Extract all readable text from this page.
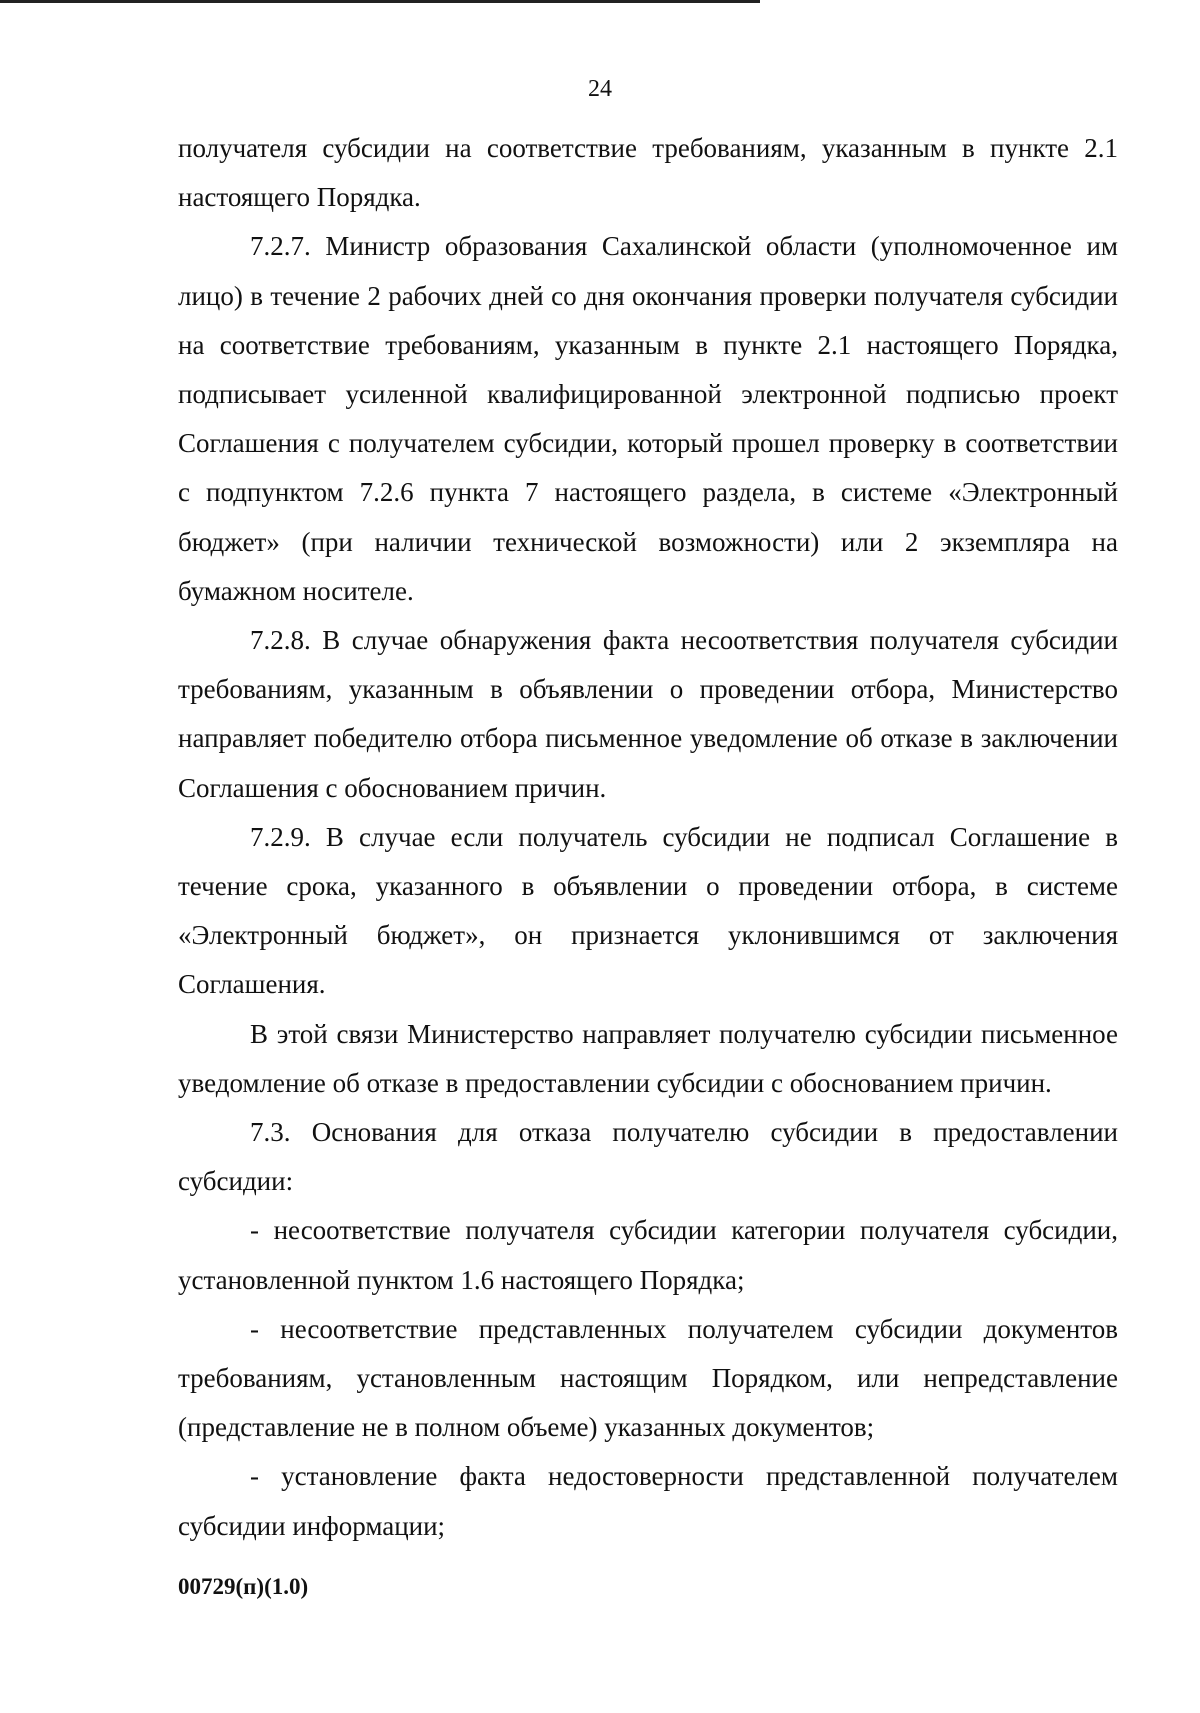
24

получателя субсидии на соответствие требованиям, указанным в пункте 2.1 настоящего Порядка.

7.2.7. Министр образования Сахалинской области (уполномоченное им лицо) в течение 2 рабочих дней со дня окончания проверки получателя субсидии на соответствие требованиям, указанным в пункте 2.1 настоящего Порядка, подписывает усиленной квалифицированной электронной подписью проект Соглашения с получателем субсидии, который прошел проверку в соответствии с подпунктом 7.2.6 пункта 7 настоящего раздела, в системе «Электронный бюджет» (при наличии технической возможности) или 2 экземпляра на бумажном носителе.

7.2.8. В случае обнаружения факта несоответствия получателя субсидии требованиям, указанным в объявлении о проведении отбора, Министерство направляет победителю отбора письменное уведомление об отказе в заключении Соглашения с обоснованием причин.

7.2.9. В случае если получатель субсидии не подписал Соглашение в течение срока, указанного в объявлении о проведении отбора, в системе «Электронный бюджет», он признается уклонившимся от заключения Соглашения.

В этой связи Министерство направляет получателю субсидии письменное уведомление об отказе в предоставлении субсидии с обоснованием причин.

7.3. Основания для отказа получателю субсидии в предоставлении субсидии:

- несоответствие получателя субсидии категории получателя субсидии, установленной пунктом 1.6 настоящего Порядка;

- несоответствие представленных получателем субсидии документов требованиям, установленным настоящим Порядком, или непредставление (представление не в полном объеме) указанных документов;

- установление факта недостоверности представленной получателем субсидии информации;

00729(п)(1.0)
